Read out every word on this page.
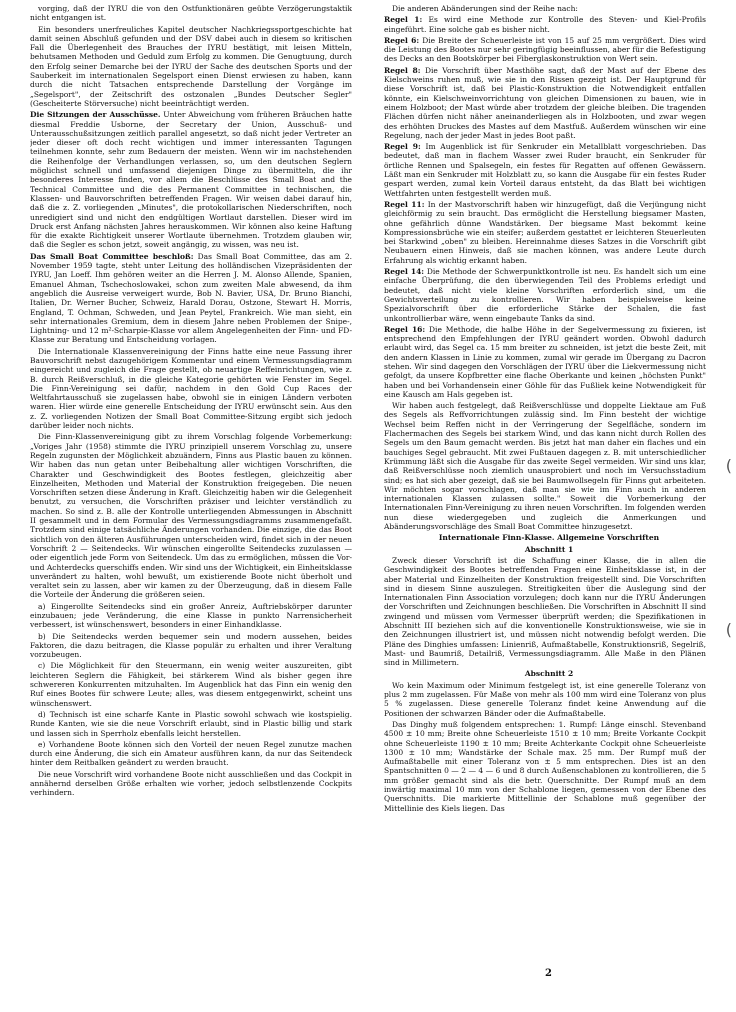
vorging, daß der IYRU die von den Ostfunktionären geübte Verzögerungstaktik nicht entgangen ist.

Ein besonders unerfreuliches Kapitel deutscher Nachkriegssportgeschichte hat damit seinen Abschluß gefunden und der DSV dabei auch in diesem so kritischen Fall die Überlegenheit des Brauches der IYRU bestätigt, mit leisen Mitteln, behutsamen Methoden und Geduld zum Erfolg zu kommen. Die Genugtuung, durch den Erfolg seiner Demarche bei der IYRU der Sache des deutschen Sports und der Sauberkeit im internationalen Segelsport einen Dienst erwiesen zu haben, kann durch die nicht Tatsachen entsprechende Darstellung der Vorgänge im „Segelsport", der Zeitschrift des ostzonalen „Bundes Deutscher Segler" (Gescheiterte Störversuche) nicht beeinträchtigt werden.

Die Sitzungen der Ausschüsse. Unter Abweichung vom früheren Bräuchen hatte diesmal Freddie Usborne, der Secretary der Union, Ausschuß- und Unterausschußsitzungen zeitlich parallel angesetzt, so daß nicht jeder Vertreter an jeder dieser oft doch recht wichtigen und immer interessanten Tagungen teilnehmen konnte, sehr zum Bedauern der meisten. Wenn wir im nachstehenden die Reihenfolge der Verhandlungen verlassen, so, um den deutschen Seglern möglichst schnell und umfassend diejenigen Dinge zu übermitteln, die ihr besonderes Interesse finden, vor allem die Beschlüsse des Small Boat and the Technical Committee und die des Permanent Committee in technischen, die Klassen- und Bauvorschriften betreffenden Fragen. Wir weisen dabei darauf hin, daß die z. Z. vorliegenden „Minutes", die protokollarischen Niederschriften, noch unredigiert sind und nicht den endgültigen Wortlaut darstellen. Dieser wird im Druck erst Anfang nächsten Jahres herauskommen. Wir können also keine Haftung für die exakte Richtigkeit unserer Wortlaute übernehmen. Trotzdem glauben wir, daß die Segler es schon jetzt, soweit angängig, zu wissen, was neu ist.

Das Small Boat Committee beschloß: Das Small Boat Committee, das am 2. November 1959 tagte, steht unter Leitung des holländischen Vizepräsidenten der IYRU, Jan Loeff. Ihm gehören weiter an die Herren J. M. Alonso Allende, Spanien, Emanuel Ahman, Tschechoslowakei, schon zum zweiten Male abwesend, da ihm angeblich die Ausreise verweigert wurde, Bob N. Bavier, USA, Dr. Bruno Bianchi, Italien, Dr. Werner Bucher, Schweiz, Harald Dorau, Ostzone, Stewart H. Morris, England, T. Ochman, Schweden, und Jean Peytel, Frankreich. Wie man sieht, ein sehr internationales Gremium, dem in diesem Jahre neben Problemen der Snipe-, Lightning- und 12 m²-Scharpie-Klasse vor allem Angelegenheiten der Finn- und FD-Klasse zur Beratung und Entscheidung vorlagen.

Die Internationale Klassenvereinigung der Finns hatte eine neue Fassung ihrer Bauvorschrift nebst dazugehörigem Kommentar und einem Vermessungsdiagramm eingereicht und zugleich die Frage gestellt, ob neuartige Reffeinrichtungen, wie z. B. durch Reißverschluß, in die gleiche Kategorie gehörten wie Fenster im Segel. Die Finn-Vereinigung sei dafür, nachdem in den Gold Cup Races der Weltfahrtausschuß sie zugelassen habe, obwohl sie in einigen Ländern verboten waren. Hier würde eine generelle Entscheidung der IYRU erwünscht sein. Aus den z. Z. vorliegenden Notizen der Small Boat Committee-Sitzung ergibt sich jedoch darüber leider noch nichts.

Die Finn-Klassenvereinigung gibt zu ihrem Vorschlag folgende Vorbemerkung: „Voriges Jahr (1958) stimmte die IYRU prinzipiell unserem Vorschlag zu, unsere Regeln zugunsten der Möglichkeit abzuändern, Finns aus Plastic bauen zu können. Wir haben das nun getan unter Beibehaltung aller wichtigen Vorschriften, die Charakter und Geschwindigkeit des Bootes festlegen, gleichzeitig aber Einzelheiten, Methoden und Material der Konstruktion freigegeben. Die neuen Vorschriften setzen diese Änderung in Kraft. Gleichzeitig haben wir die Gelegenheit benutzt, zu versuchen, die Vorschriften präziser und leichter verständlich zu machen. So sind z. B. alle der Kontrolle unterliegenden Abmessungen in Abschnitt II gesammelt und in dem Formular des Vermessungsdiagramms zusammengefaßt. Trotzdem sind einige tatsächliche Änderungen vorhanden. Die einzige, die das Boot sichtlich von den älteren Ausführungen unterscheiden wird, findet sich in der neuen Vorschrift 2 — Seitendecks. Wir wünschen eingerollte Seitendecks zuzulassen — oder eigentlich jede Form von Seitendeck. Um das zu ermöglichen, müssen die Vor- und Achterdecks querschiffs enden. Wir sind uns der Wichtigkeit, ein Einheitsklasse unverändert zu halten, wohl bewußt, um existierende Boote nicht überholt und veraltet sein zu lassen, aber wir kamen zu der Überzeugung, daß in diesem Falle die Vorteile der Änderung die größeren seien.

a) Eingerollte Seitendecks sind ein großer Anreiz, Auftriebskörper darunter einzubauen; jede Veränderung, die eine Klasse in punkto Narrensicherheit verbessert, ist wünschenswert, besonders in einer Einhandklasse.

b) Die Seitendecks werden bequemer sein und modern aussehen, beides Faktoren, die dazu beitragen, die Klasse populär zu erhalten und ihrer Veraltung vorzubeugen.

c) Die Möglichkeit für den Steuermann, ein wenig weiter auszureiten, gibt leichteren Seglern die Fähigkeit, bei stärkerem Wind als bisher gegen ihre schwereren Konkurrenten mitzuhalten. Im Augenblick hat das Finn ein wenig den Ruf eines Bootes für schwere Leute; alles, was diesem entgegenwirkt, scheint uns wünschenswert.

d) Technisch ist eine scharfe Kante in Plastic sowohl schwach wie kostspielig. Runde Kanten, wie sie die neue Vorschrift erlaubt, sind in Plastic billig und stark und lassen sich in Sperrholz ebenfalls leicht herstellen.

e) Vorhandene Boote können sich den Vorteil der neuen Regel zunutze machen durch eine Änderung, die sich ein Amateur ausführen kann, da nur das Seitendeck hinter dem Reitbalken geändert zu werden braucht.

Die neue Vorschrift wird vorhandene Boote nicht ausschließen und das Cockpit in annähernd derselben Größe erhalten wie vorher, jedoch selbstlenzende Cockpits verhindern.

Die anderen Abänderungen sind der Reihe nach:

Regel 1: Es wird eine Methode zur Kontrolle des Steven- und Kiel-Profils eingeführt. Eine solche gab es bisher nicht.

Regel 6: Die Breite der Scheuerleiste ist von 15 auf 25 mm vergrößert. Dies wird die Leistung des Bootes nur sehr geringfügig beeinflussen, aber für die Befestigung des Decks an den Bootskörper bei Fiberglaskonstruktion von Wert sein.

Regel 8: Die Vorschrift über Masthöhe sagt, daß der Mast auf der Ebene des Kielschweins ruhen muß, wie sie in den Rissen gezeigt ist. Der Hauptgrund für diese Vorschrift ist, daß bei Plastic-Konstruktion die Notwendigkeit entfallen könnte, ein Kielschweinvorrichtung von gleichen Dimensionen zu bauen, wie in einem Holzboot; der Mast würde aber trotzdem der gleiche bleiben. Die tragenden Flächen dürfen nicht näher aneinanderliegen als in Holzbooten, und zwar wegen des erhöhten Druckes des Mastes auf dem Mastfuß. Außerdem wünschen wir eine Regelung, nach der jeder Mast in jedes Boot paßt.

Regel 9: Im Augenblick ist für Senkruder ein Metallblatt vorgeschrieben. Das bedeutet, daß man in flachem Wasser zwei Ruder braucht, ein Senkruder für örtliche Rennen und Spalsegeln, ein festes für Regatten auf offenen Gewässern. Läßt man ein Senkruder mit Holzblatt zu, so kann die Ausgabe für ein festes Ruder gespart werden, zumal kein Vorteil daraus entsteht, da das Blatt bei wichtigen Wettfahrten unten festgestellt werden muß.

Regel 11: In der Mastvorschrift haben wir hinzugefügt, daß die Verjüngung nicht gleichförmig zu sein braucht. Das ermöglicht die Herstellung biegsamer Masten, ohne gefährlich dünne Wandstärken. Der biegsame Mast bekommt keine Kompressionsbrüche wie ein steifer; außerdem gestattet er leichteren Steuerleuten bei Starkwind „oben" zu bleiben. Hereinnahme dieses Satzes in die Vorschrift gibt Neubauern einen Hinweis, daß sie machen können, was andere Leute durch Erfahrung als wichtig erkannt haben.

Regel 14: Die Methode der Schwerpunktkontrolle ist neu. Es handelt sich um eine einfache Überprüfung, die den überwiegenden Teil des Problems erledigt und bedeutet, daß nicht viele kleine Vorschriften erforderlich sind, um die Gewichtsverteilung zu kontrollieren. Wir haben beispielsweise keine Spezialvorschrift über die erforderliche Stärke der Schalen, die fast unkontrollierbar wäre, wenn eingebaute Tanks da sind.

Regel 16: Die Methode, die halbe Höhe in der Segelvermessung zu fixieren, ist entsprechend den Empfehlungen der IYRU geändert worden. Obwohl dadurch erlaubt wird, das Segel ca. 15 mm breiter zu schneiden, ist jetzt die beste Zeit, mit den andern Klassen in Linie zu kommen, zumal wir gerade im Übergang zu Dacron stehen. Wir sind dagegen den Vorschlägen der IYRU über die Liekvermessung nicht gefolgt, da unsere Kopfbretter eine flache Oberkante und keinen „höchsten Punkt" haben und bei Vorhandensein einer Göhle für das Fußliek keine Notwendigkeit für eine Kausch am Hals gegeben ist.

Wir haben auch festgelegt, daß Reißverschlüsse und doppelte Liektaue am Fuß des Segels als Reffvorrichtungen zulässig sind. Im Finn besteht der wichtige Wechsel beim Reffen nicht in der Verringerung der Segelfläche, sondern im Flachermachen des Segels bei starkem Wind, und das kann nicht durch Rollen des Segels um den Baum gemacht werden. Bis jetzt hat man daher ein flaches und ein bauchiges Segel gebraucht. Mit zwei Fußtauen dagegen z. B. mit unterschiedlicher Krümmung läßt sich die Ausgabe für das zweite Segel vermeiden. Wir sind uns klar, daß Reißverschlüsse noch ziemlich unausprobiert und noch im Versuchsstadium sind; es hat sich aber gezeigt, daß sie bei Baumwollsegeln für Finns gut arbeiteten. Wir möchten sogar vorschlagen, daß man sie wie im Finn auch in anderen internationalen Klassen zulassen sollte." Soweit die Vorbemerkung der Internationalen Finn-Vereinigung zu ihren neuen Vorschriften. Im folgenden werden nun diese wiedergegeben und zugleich die Anmerkungen und Abänderungsvorschläge des Small Boat Committee hinzugesetzt.

Internationale Finn-Klasse. Allgemeine Vorschriften

Abschnitt 1

Zweck dieser Vorschrift ist die Schaffung einer Klasse, die in allen die Geschwindigkeit des Bootes betreffenden Fragen eine Einheitsklasse ist, in der aber Material und Einzelheiten der Konstruktion freigestellt sind. Die Vorschriften sind in diesem Sinne auszulegen. Streitigkeiten über die Auslegung sind der Internationalen Finn Association vorzulegen; doch kann nur die IYRU Änderungen der Vorschriften und Zeichnungen beschließen. Die Vorschriften in Abschnitt II sind zwingend und müssen vom Vermesser überprüft werden; die Spezifikationen in Abschnitt III beziehen sich auf die konventionelle Konstruktionsweise, wie sie in den Zeichnungen illustriert ist, und müssen nicht notwendig befolgt werden. Die Pläne des Dinghies umfassen: Linienriß, Aufmaßtabelle, Konstruktionsriß, Segelriß, Mast- und Baumriß, Detailriß, Vermessungsdiagramm. Alle Maße in den Plänen sind in Millimetern.

Abschnitt 2

Wo kein Maximum oder Minimum festgelegt ist, ist eine generelle Toleranz von plus 2 mm zugelassen. Für Maße von mehr als 100 mm wird eine Toleranz von plus 5 % zugelassen. Diese generelle Toleranz findet keine Anwendung auf die Positionen der schwarzen Bänder oder die Aufmaßtabelle.

Das Dinghy muß folgendem entsprechen: 1. Rumpf: Länge einschl. Stevenband 4500 ± 10 mm; Breite ohne Scheuerleiste 1510 ± 10 mm; Breite Vorkante Cockpit ohne Scheuerleiste 1190 ± 10 mm; Breite Achterkante Cockpit ohne Scheuerleiste 1300 ± 10 mm; Wandstärke der Schale max. 25 mm. Der Rumpf muß der Aufmaßtabelle mit einer Toleranz von ± 5 mm entsprechen. Dies ist an den Spantschnitten 0 — 2 — 4 — 6 und 8 durch Außenschablonen zu kontrollieren, die 5 mm größer gemacht sind als die betr. Querschnitte. Der Rumpf muß an dem inwärtig maximal 10 mm von der Schablone liegen, gemessen von der Ebene des Querschnitts. Die markierte Mittellinie der Schablone muß gegenüber der Mittellinie des Kiels liegen. Das

2
(
(
